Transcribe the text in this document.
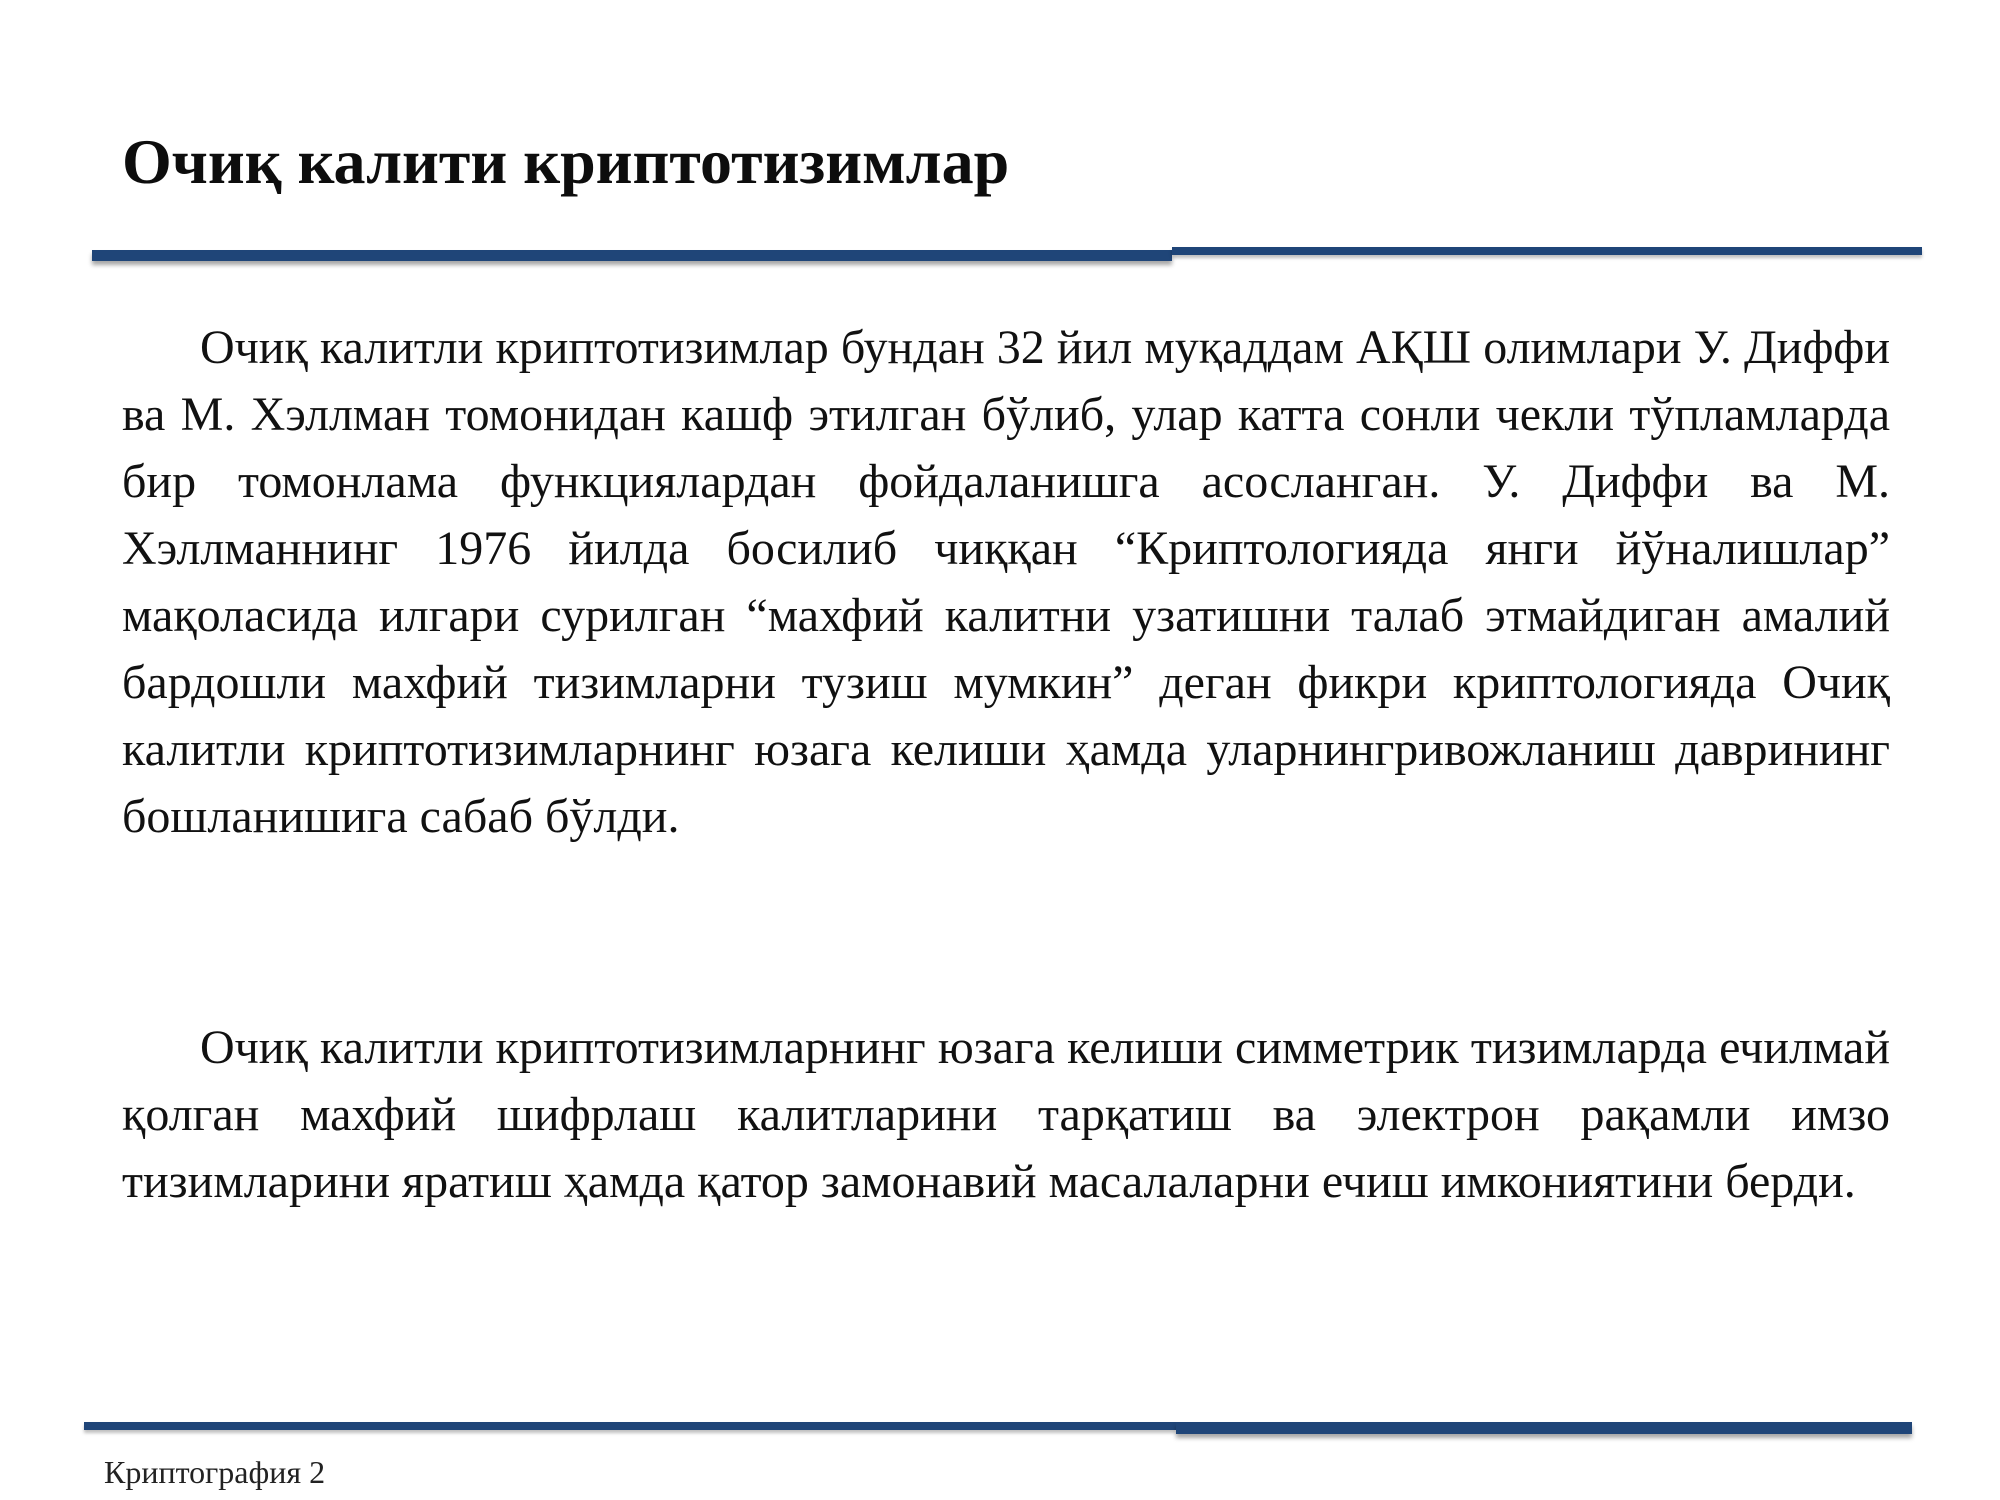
Очиқ калити криптотизимлар

Очиқ калитли криптотизимлар бундан 32 йил муқаддам АҚШ олимлари У. Диффи ва М. Хэллман томонидан кашф этилган бўлиб, улар катта сонли чекли тўпламларда бир томонлама функциялардан фойдаланишга асосланган. У. Диффи ва М. Хэллманнинг 1976 йилда босилиб чиққан “Криптологияда янги йўналишлар” мақоласида илгари сурилган “махфий калитни узатишни талаб этмайдиган амалий бардошли махфий тизимларни тузиш мумкин” деган фикри криптологияда Очиқ калитли криптотизимларнинг юзага келиши ҳамда уларнингривожланиш даврининг бошланишига сабаб бўлди.

Очиқ калитли криптотизимларнинг юзага келиши симметрик тизимларда ечилмай қолган махфий шифрлаш калитларини тарқатиш ва электрон рақамли имзо тизимларини яратиш ҳамда қатор замонавий масалаларни ечиш имкониятини берди.

Криптография 2
